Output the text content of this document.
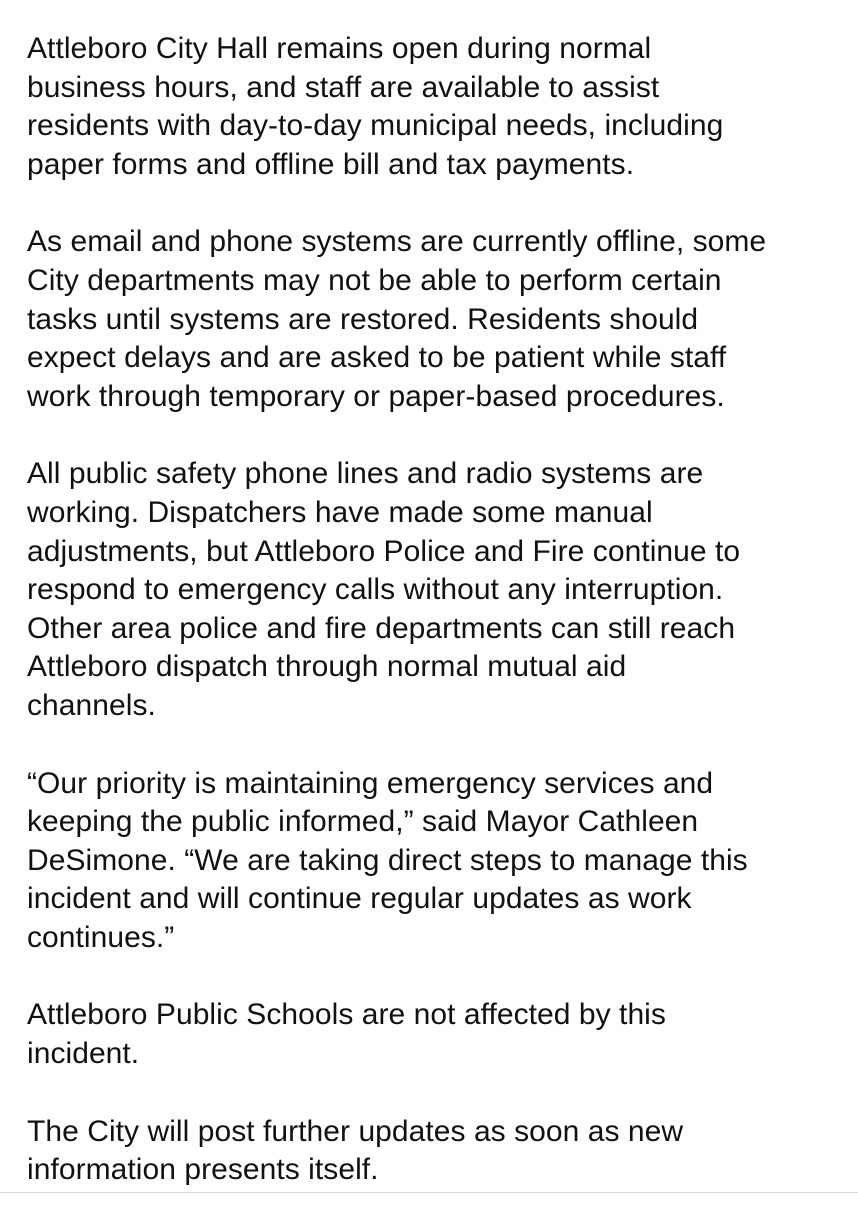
Attleboro City Hall remains open during normal
business hours, and staff are available to assist
residents with day-to-day municipal needs, including
paper forms and offline bill and tax payments.

As email and phone systems are currently offline, some
City departments may not be able to perform certain
tasks until systems are restored. Residents should
expect delays and are asked to be patient while staff
work through temporary or paper-based procedures.

All public safety phone lines and radio systems are
working. Dispatchers have made some manual
adjustments, but Attleboro Police and Fire continue to
respond to emergency calls without any interruption.
Other area police and fire departments can still reach
Attleboro dispatch through normal mutual aid
channels.

“Our priority is maintaining emergency services and
keeping the public informed,” said Mayor Cathleen
DeSimone. “We are taking direct steps to manage this
incident and will continue regular updates as work
continues.”

Attleboro Public Schools are not affected by this
incident.

The City will post further updates as soon as new
information presents itself.
